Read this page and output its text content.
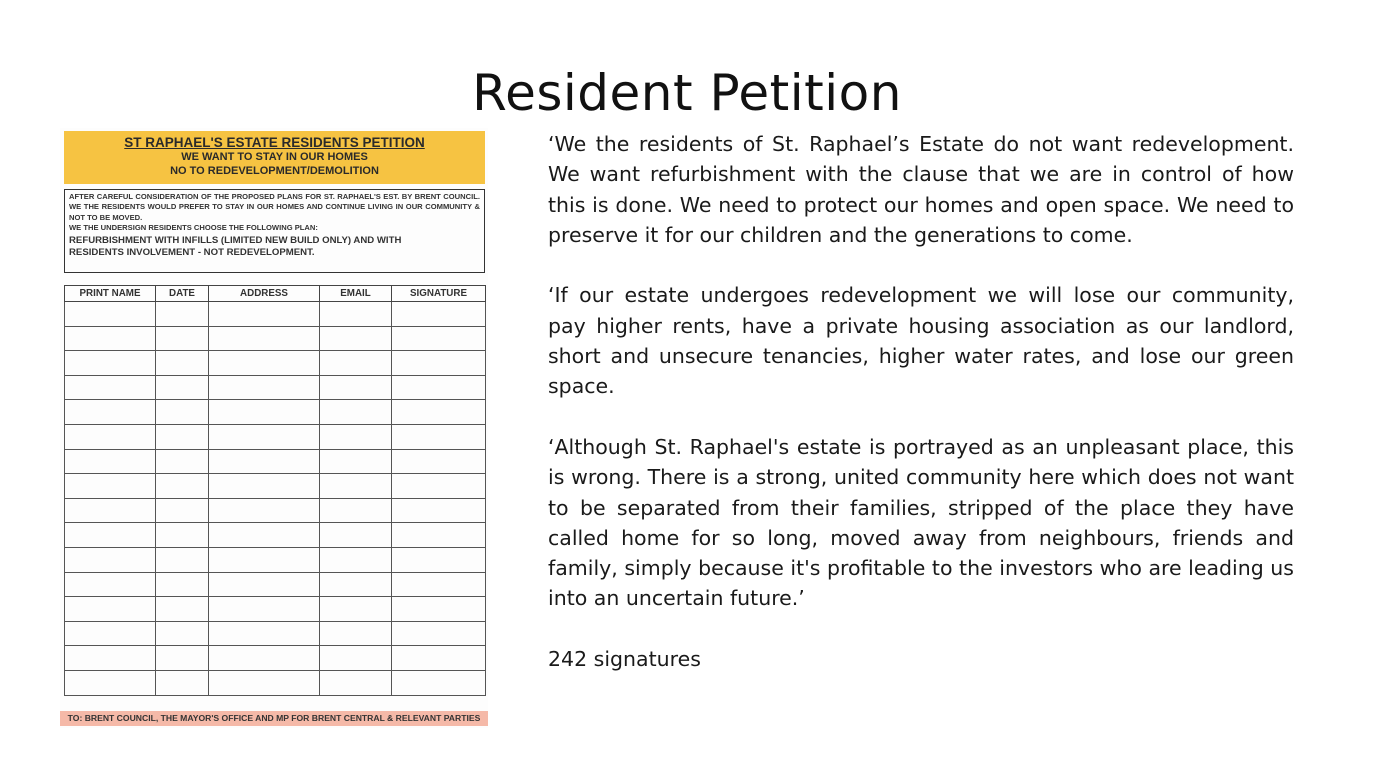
Resident Petition
ST RAPHAEL'S ESTATE RESIDENTS PETITION
WE WANT TO STAY IN OUR HOMES
NO TO REDEVELOPMENT/DEMOLITION
AFTER CAREFUL CONSIDERATION OF THE PROPOSED PLANS FOR ST. RAPHAEL'S EST. BY BRENT COUNCIL. WE THE RESIDENTS WOULD PREFER TO STAY IN OUR HOMES AND CONTINUE LIVING IN OUR COMMUNITY & NOT TO BE MOVED.
WE THE UNDERSIGN RESIDENTS CHOOSE THE FOLLOWING PLAN:
REFURBISHMENT WITH INFILLS (LIMITED NEW BUILD ONLY) AND WITH
RESIDENTS INVOLVEMENT - NOT REDEVELOPMENT.
PRINT NAME	DATE	ADDRESS	EMAIL	SIGNATURE

TO: BRENT COUNCIL, THE MAYOR'S OFFICE AND MP FOR BRENT CENTRAL & RELEVANT PARTIES

‘We the residents of St. Raphael’s Estate do not want redevelopment. We want refurbishment with the clause that we are in control of how this is done. We need to protect our homes and open space. We need to preserve it for our children and the generations to come.

‘If our estate undergoes redevelopment we will lose our community, pay higher rents, have a private housing association as our landlord, short and unsecure tenancies, higher water rates, and lose our green space.

‘Although St. Raphael's estate is portrayed as an unpleasant place, this is wrong. There is a strong, united community here which does not want to be separated from their families, stripped of the place they have called home for so long, moved away from neighbours, friends and family, simply because it's profitable to the investors who are leading us into an uncertain future.’

242 signatures
